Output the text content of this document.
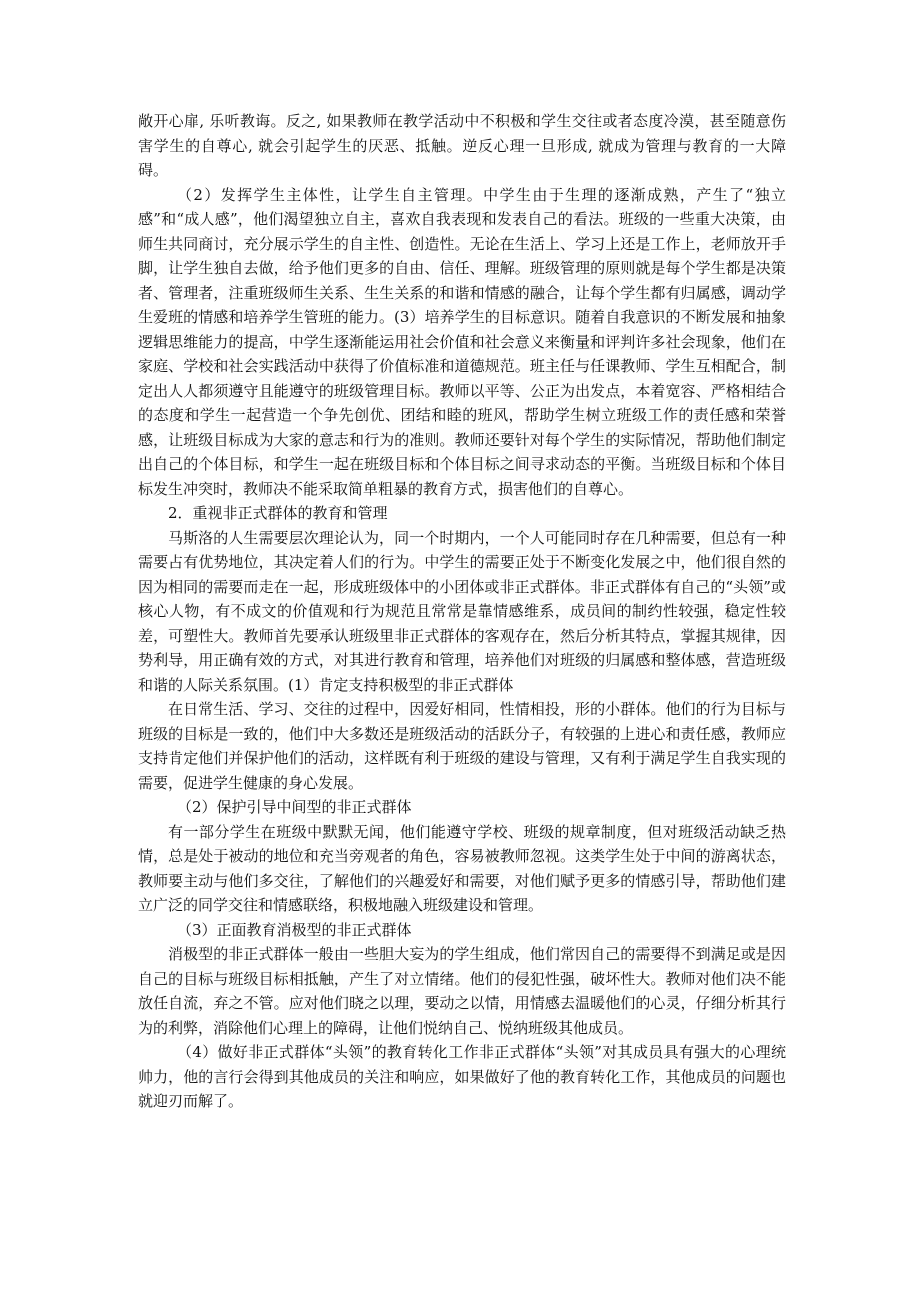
敞开心扉, 乐听教诲。反之, 如果教师在教学活动中不积极和学生交往或者态度冷漠，甚至随意伤害学生的自尊心, 就会引起学生的厌恶、抵触。逆反心理一旦形成, 就成为管理与教育的一大障碍。

（2）发挥学生主体性，让学生自主管理。中学生由于生理的逐渐成熟，产生了“独立感”和“成人感”，他们渴望独立自主，喜欢自我表现和发表自己的看法。班级的一些重大决策，由师生共同商讨，充分展示学生的自主性、创造性。无论在生活上、学习上还是工作上，老师放开手脚，让学生独自去做，给予他们更多的自由、信任、理解。班级管理的原则就是每个学生都是决策者、管理者，注重班级师生关系、生生关系的和谐和情感的融合，让每个学生都有归属感，调动学生爱班的情感和培养学生管班的能力。(3）培养学生的目标意识。随着自我意识的不断发展和抽象逻辑思维能力的提高，中学生逐渐能运用社会价值和社会意义来衡量和评判许多社会现象，他们在家庭、学校和社会实践活动中获得了价值标准和道德规范。班主任与任课教师、学生互相配合，制定出人人都须遵守且能遵守的班级管理目标。教师以平等、公正为出发点，本着宽容、严格相结合的态度和学生一起营造一个争先创优、团结和睦的班风，帮助学生树立班级工作的责任感和荣誉感，让班级目标成为大家的意志和行为的准则。教师还要针对每个学生的实际情况，帮助他们制定出自己的个体目标，和学生一起在班级目标和个体目标之间寻求动态的平衡。当班级目标和个体目标发生冲突时，教师决不能采取简单粗暴的教育方式，损害他们的自尊心。

2．重视非正式群体的教育和管理

马斯洛的人生需要层次理论认为，同一个时期内，一个人可能同时存在几种需要，但总有一种需要占有优势地位，其决定着人们的行为。中学生的需要正处于不断变化发展之中，他们很自然的因为相同的需要而走在一起，形成班级体中的小团体或非正式群体。非正式群体有自己的“头领”或核心人物，有不成文的价值观和行为规范且常常是靠情感维系，成员间的制约性较强，稳定性较差，可塑性大。教师首先要承认班级里非正式群体的客观存在，然后分析其特点，掌握其规律，因势利导，用正确有效的方式，对其进行教育和管理，培养他们对班级的归属感和整体感，营造班级和谐的人际关系氛围。(1）肯定支持积极型的非正式群体

在日常生活、学习、交往的过程中，因爱好相同，性情相投，形的小群体。他们的行为目标与班级的目标是一致的，他们中大多数还是班级活动的活跃分子，有较强的上进心和责任感，教师应支持肯定他们并保护他们的活动，这样既有利于班级的建设与管理，又有利于满足学生自我实现的需要，促进学生健康的身心发展。

（2）保护引导中间型的非正式群体

有一部分学生在班级中默默无闻，他们能遵守学校、班级的规章制度，但对班级活动缺乏热情，总是处于被动的地位和充当旁观者的角色，容易被教师忽视。这类学生处于中间的游离状态，教师要主动与他们多交往，了解他们的兴趣爱好和需要，对他们赋予更多的情感引导，帮助他们建立广泛的同学交往和情感联络，积极地融入班级建设和管理。

（3）正面教育消极型的非正式群体

消极型的非正式群体一般由一些胆大妄为的学生组成，他们常因自己的需要得不到满足或是因自己的目标与班级目标相抵触，产生了对立情绪。他们的侵犯性强，破坏性大。教师对他们决不能放任自流，弃之不管。应对他们晓之以理，要动之以情，用情感去温暖他们的心灵，仔细分析其行为的利弊，消除他们心理上的障碍，让他们悦纳自己、悦纳班级其他成员。

（4）做好非正式群体“头领”的教育转化工作非正式群体“头领”对其成员具有强大的心理统帅力，他的言行会得到其他成员的关注和响应，如果做好了他的教育转化工作，其他成员的问题也就迎刃而解了。
